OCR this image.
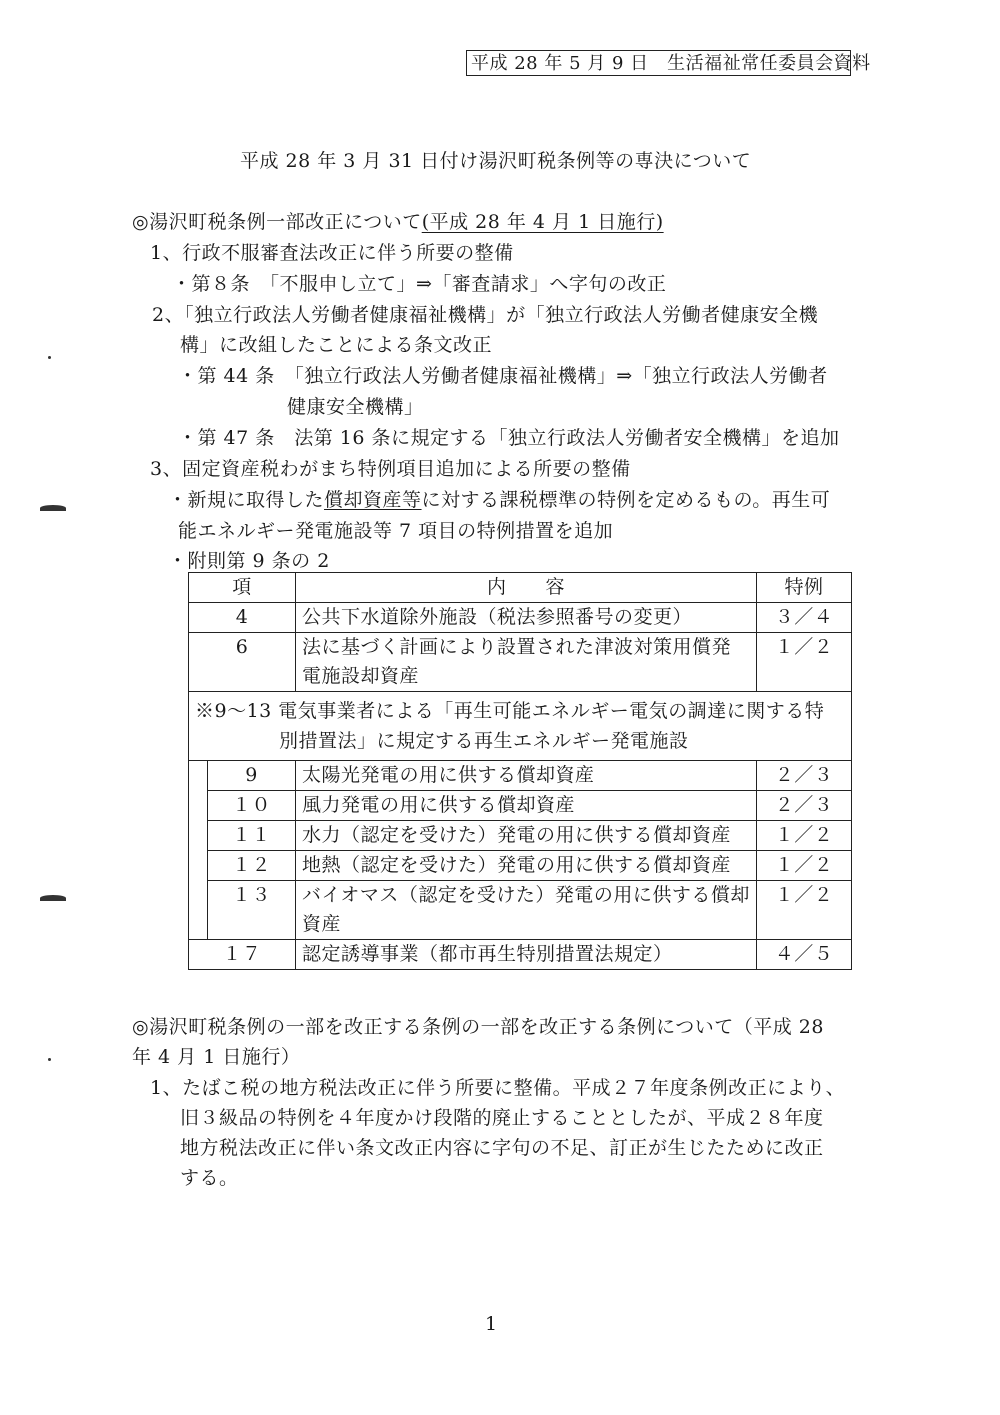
平成 28 年 5 月 9 日　生活福祉常任委員会資料
平成 28 年 3 月 31 日付け湯沢町税条例等の専決について
◎湯沢町税条例一部改正について(平成 28 年 4 月 1 日施行)
1、行政不服審査法改正に伴う所要の整備
・第８条　「不服申し立て」⇒「審査請求」へ字句の改正
2、「独立行政法人労働者健康福祉機構」が「独立行政法人労働者健康安全機
構」に改組したことによる条文改正
・第 44 条　「独立行政法人労働者健康福祉機構」⇒「独立行政法人労働者
健康安全機構」
・第 47 条　法第 16 条に規定する「独立行政法人労働者安全機構」を追加
3、固定資産税わがまち特例項目追加による所要の整備
・新規に取得した償却資産等に対する課税標準の特例を定めるもの。再生可
能エネルギー発電施設等 7 項目の特例措置を追加
・附則第 9 条の 2
項		内　　容	特例
4		公共下水道除外施設（税法参照番号の変更）	３／４
6		法に基づく計画により設置された津波対策用償発電施設却資産	１／２
※9～13 電気事業者による「再生可能エネルギー電気の調達に関する特
別措置法」に規定する再生エネルギー発電施設			

	9	太陽光発電の用に供する償却資産	２／３
	１０	風力発電の用に供する償却資産	２／３
	１１	水力（認定を受けた）発電の用に供する償却資産	１／２
	１２	地熱（認定を受けた）発電の用に供する償却資産	１／２
	１３	バイオマス（認定を受けた）発電の用に供する償却資産	１／２
１７		認定誘導事業（都市再生特別措置法規定）	４／５
◎湯沢町税条例の一部を改正する条例の一部を改正する条例について（平成 28
年 4 月 1 日施行）
1、たばこ税の地方税法改正に伴う所要に整備。平成２７年度条例改正により、
旧３級品の特例を４年度かけ段階的廃止することとしたが、平成２８年度
地方税法改正に伴い条文改正内容に字句の不足、訂正が生じたために改正
する。
1
